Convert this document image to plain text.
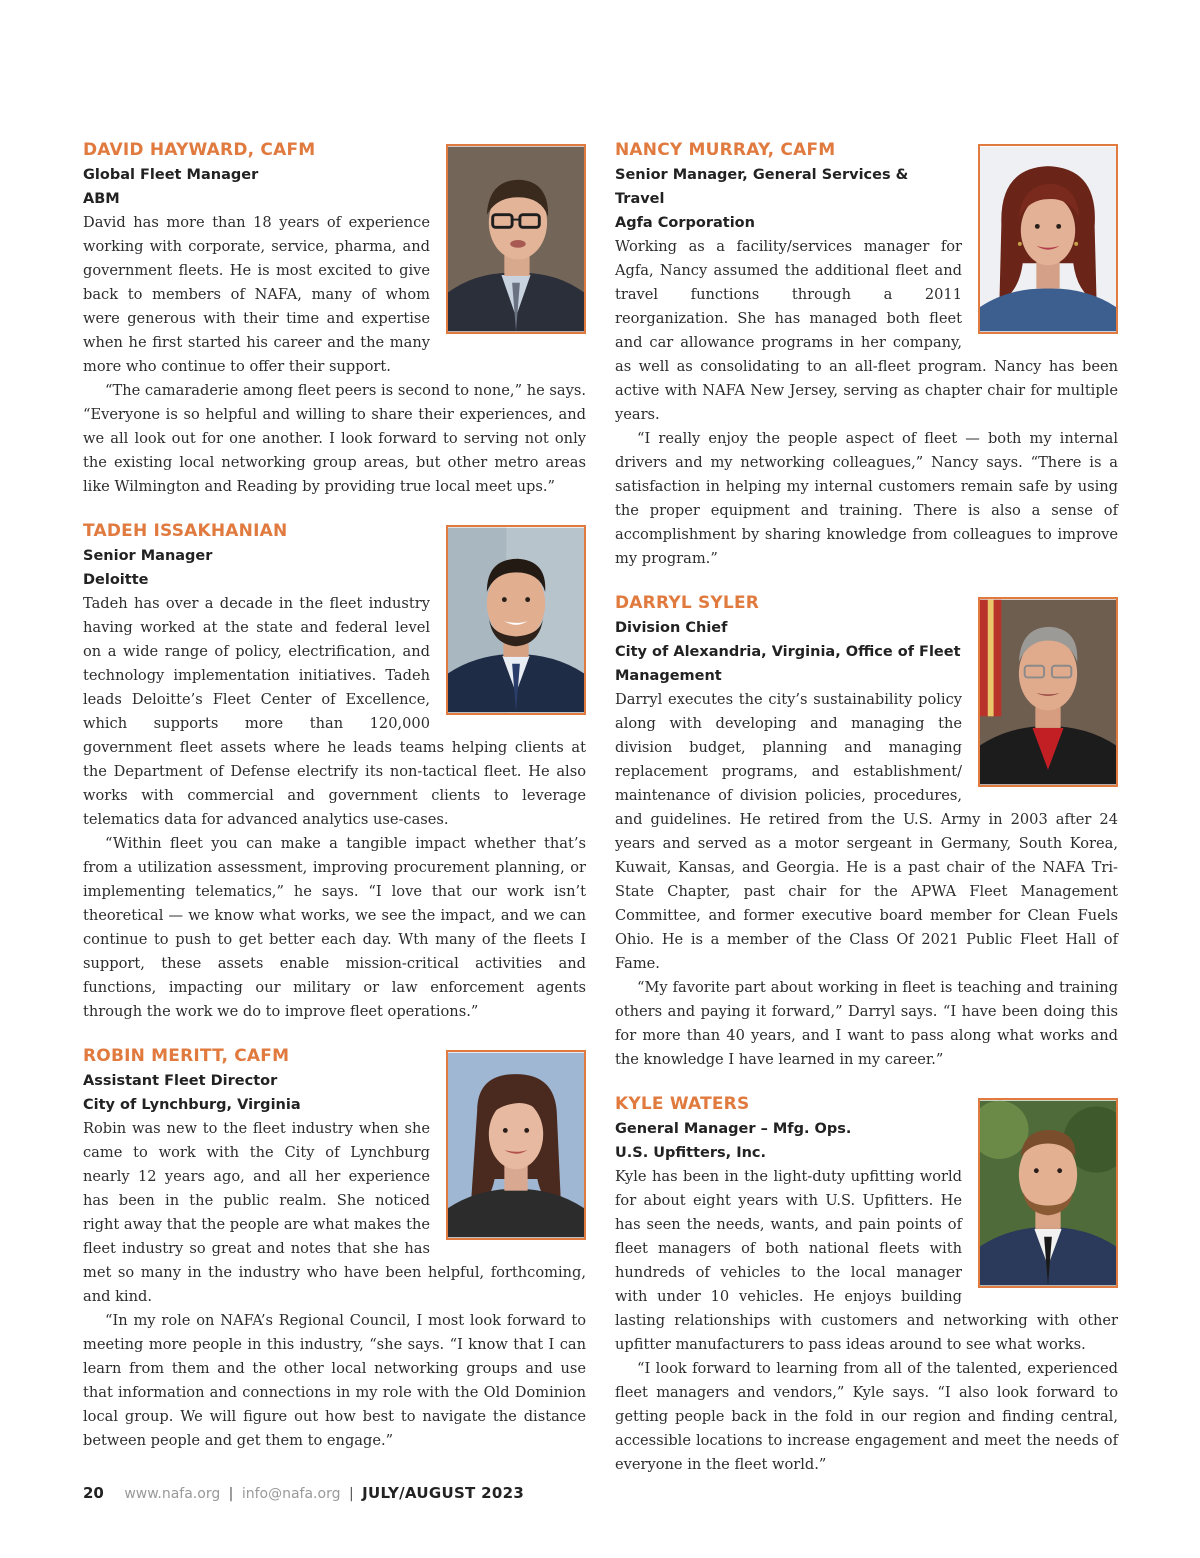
DAVID HAYWARD, CAFM

Global Fleet Manager

ABM

David has more than 18 years of experience working with corporate, service, pharma, and government fleets. He is most excited to give back to members of NAFA, many of whom were generous with their time and expertise when he first started his career and the many more who continue to offer their support.

“The camaraderie among fleet peers is second to none,” he says. “Everyone is so helpful and willing to share their experiences, and we all look out for one another. I look forward to serving not only the existing local networking group areas, but other metro areas like Wilmington and Reading by providing true local meet ups.”

TADEH ISSAKHANIAN

Senior Manager

Deloitte

Tadeh has over a decade in the fleet industry having worked at the state and federal level on a wide range of policy, electrification, and technology implementation initiatives. Tadeh leads Deloitte’s Fleet Center of Excellence, which supports more than 120,000 government fleet assets where he leads teams helping clients at the Department of Defense electrify its non-tactical fleet. He also works with commercial and government clients to leverage telematics data for advanced analytics use-cases.

“Within fleet you can make a tangible impact whether that’s from a utilization assessment, improving procurement planning, or implementing telematics,” he says. “I love that our work isn’t theoretical — we know what works, we see the impact, and we can continue to push to get better each day. Wth many of the fleets I support, these assets enable mission-critical activities and functions, impacting our military or law enforcement agents through the work we do to improve fleet operations.”

ROBIN MERITT, CAFM

Assistant Fleet Director

City of Lynchburg, Virginia

Robin was new to the fleet industry when she came to work with the City of Lynchburg nearly 12 years ago, and all her experience has been in the public realm. She noticed right away that the people are what makes the fleet industry so great and notes that she has met so many in the industry who have been helpful, forthcoming, and kind.

“In my role on NAFA’s Regional Council, I most look forward to meeting more people in this industry, “she says. “I know that I can learn from them and the other local networking groups and use that information and connections in my role with the Old Dominion local group. We will figure out how best to navigate the distance between people and get them to engage.”

NANCY MURRAY, CAFM

Senior Manager, General Services & Travel

Agfa Corporation

Working as a facility/services manager for Agfa, Nancy assumed the additional fleet and travel functions through a 2011 reorganization. She has managed both fleet and car allowance programs in her company, as well as consolidating to an all-fleet program. Nancy has been active with NAFA New Jersey, serving as chapter chair for multiple years.

“I really enjoy the people aspect of fleet — both my internal drivers and my networking colleagues,” Nancy says. “There is a satisfaction in helping my internal customers remain safe by using the proper equipment and training. There is also a sense of accomplishment by sharing knowledge from colleagues to improve my program.”

DARRYL SYLER

Division Chief

City of Alexandria, Virginia, Office of Fleet Management

Darryl executes the city’s sustainability policy along with developing and managing the division budget, planning and managing replacement programs, and establishment/ maintenance of division policies, procedures, and guidelines. He retired from the U.S. Army in 2003 after 24 years and served as a motor sergeant in Germany, South Korea, Kuwait, Kansas, and Georgia. He is a past chair of the NAFA Tri-State Chapter, past chair for the APWA Fleet Management Committee, and former executive board member for Clean Fuels Ohio. He is a member of the Class Of 2021 Public Fleet Hall of Fame.

“My favorite part about working in fleet is teaching and training others and paying it forward,” Darryl says. “I have been doing this for more than 40 years, and I want to pass along what works and the knowledge I have learned in my career.”

KYLE WATERS

General Manager – Mfg. Ops.

U.S. Upfitters, Inc.

Kyle has been in the light-duty upfitting world for about eight years with U.S. Upfitters. He has seen the needs, wants, and pain points of fleet managers of both national fleets with hundreds of vehicles to the local manager with under 10 vehicles. He enjoys building lasting relationships with customers and networking with other upfitter manufacturers to pass ideas around to see what works.

“I look forward to learning from all of the talented, experienced fleet managers and vendors,” Kyle says. “I also look forward to getting people back in the fold in our region and finding central, accessible locations to increase engagement and meet the needs of everyone in the fleet world.”

20 www.nafa.org | info@nafa.org | JULY/AUGUST 2023
